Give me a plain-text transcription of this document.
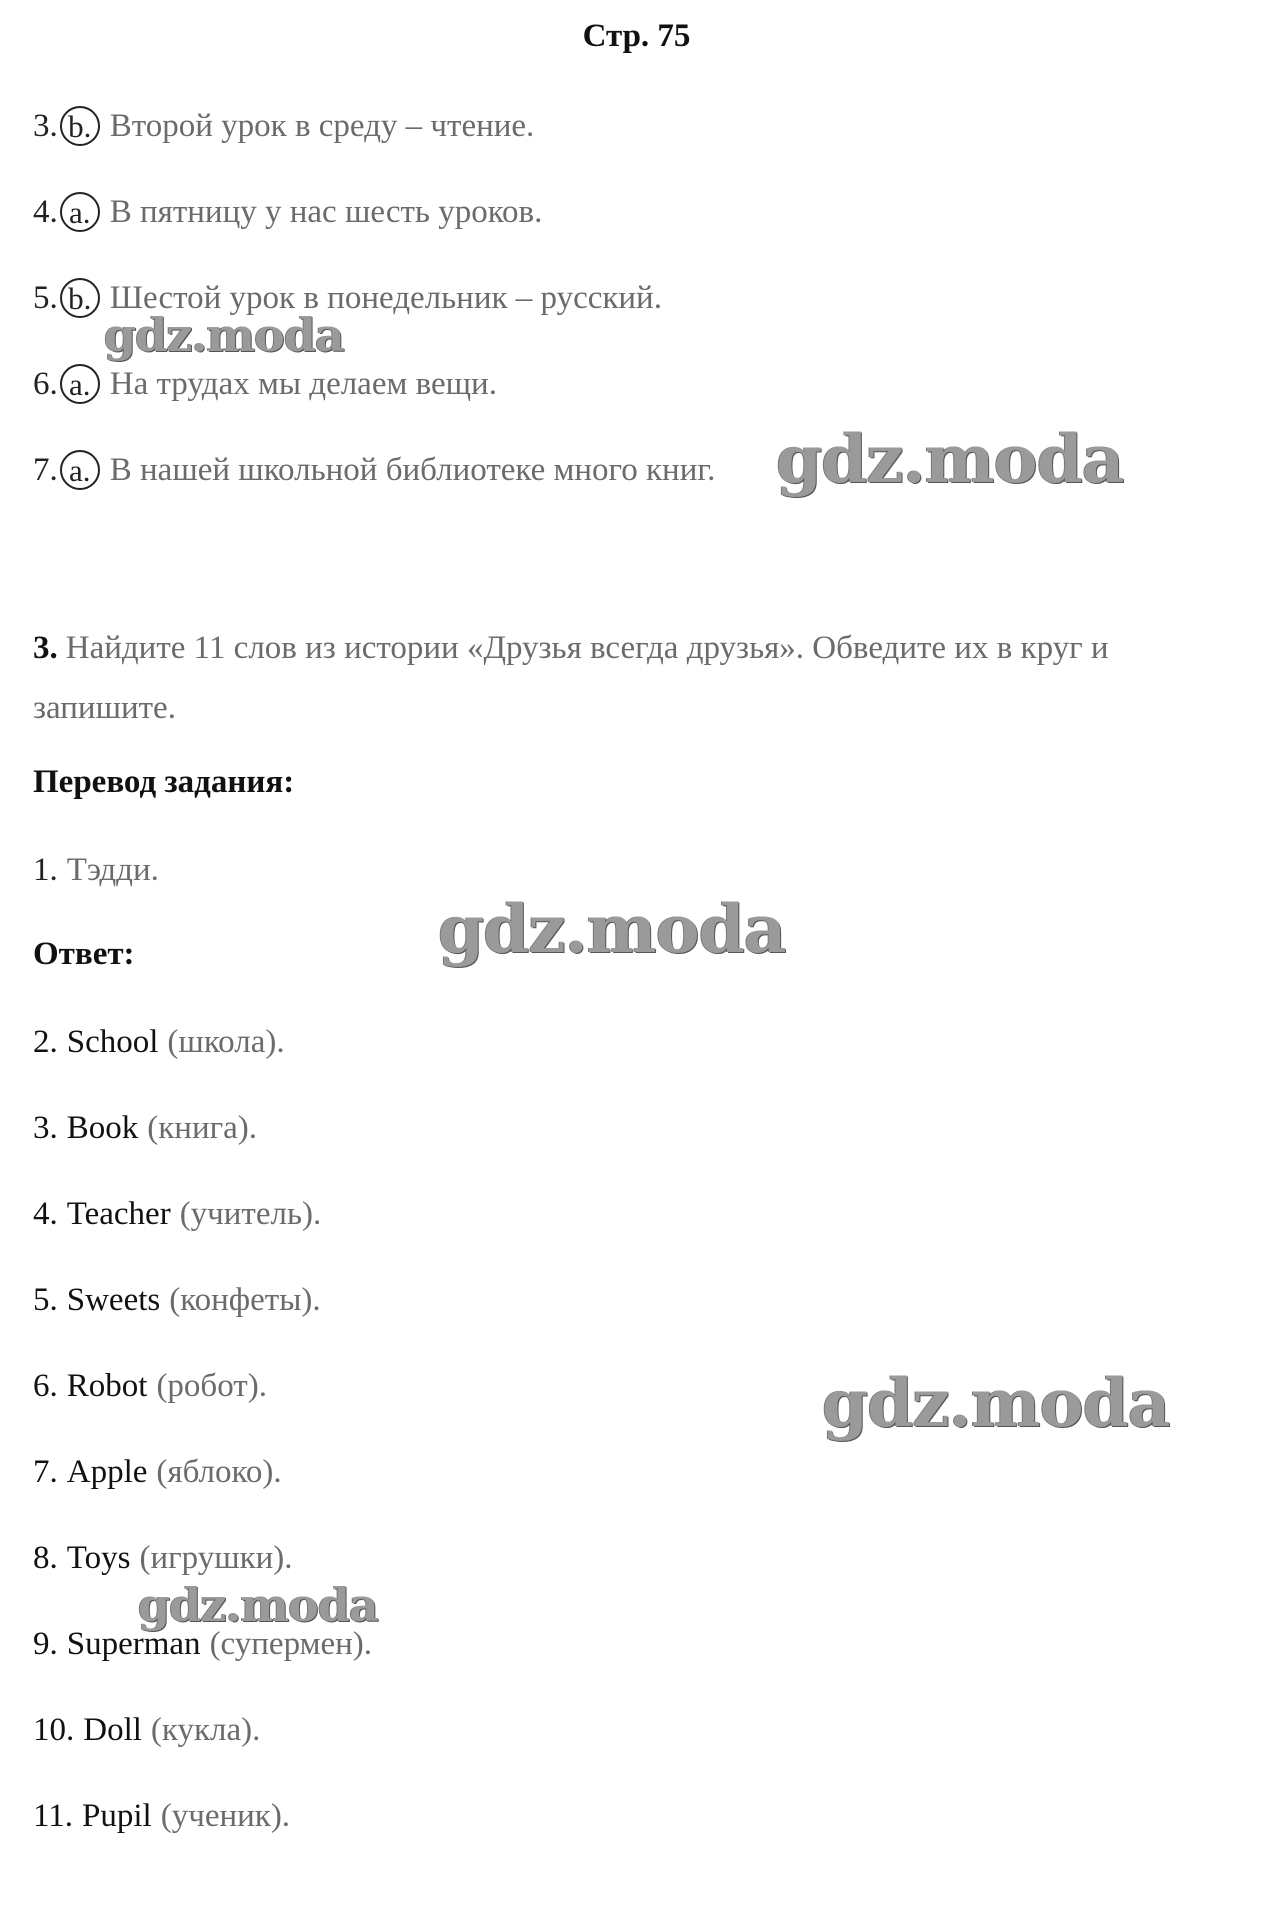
Стр. 75
3. b. Второй урок в среду – чтение.
4. a. В пятницу у нас шесть уроков.
5. b. Шестой урок в понедельник – русский.
6. a. На трудах мы делаем вещи.
7. a. В нашей школьной библиотеке много книг.
3. Найдите 11 слов из истории «Друзья всегда друзья». Обведите их в круг и запишите.
Перевод задания:
1. Тэдди.
Ответ:
2. School (школа).
3. Book (книга).
4. Teacher (учитель).
5. Sweets (конфеты).
6. Robot (робот).
7. Apple (яблоко).
8. Toys (игрушки).
9. Superman (супермен).
10. Doll (кукла).
11. Pupil (ученик).
gdz.moda
gdz.moda
gdz.moda
gdz.moda
gdz.moda
